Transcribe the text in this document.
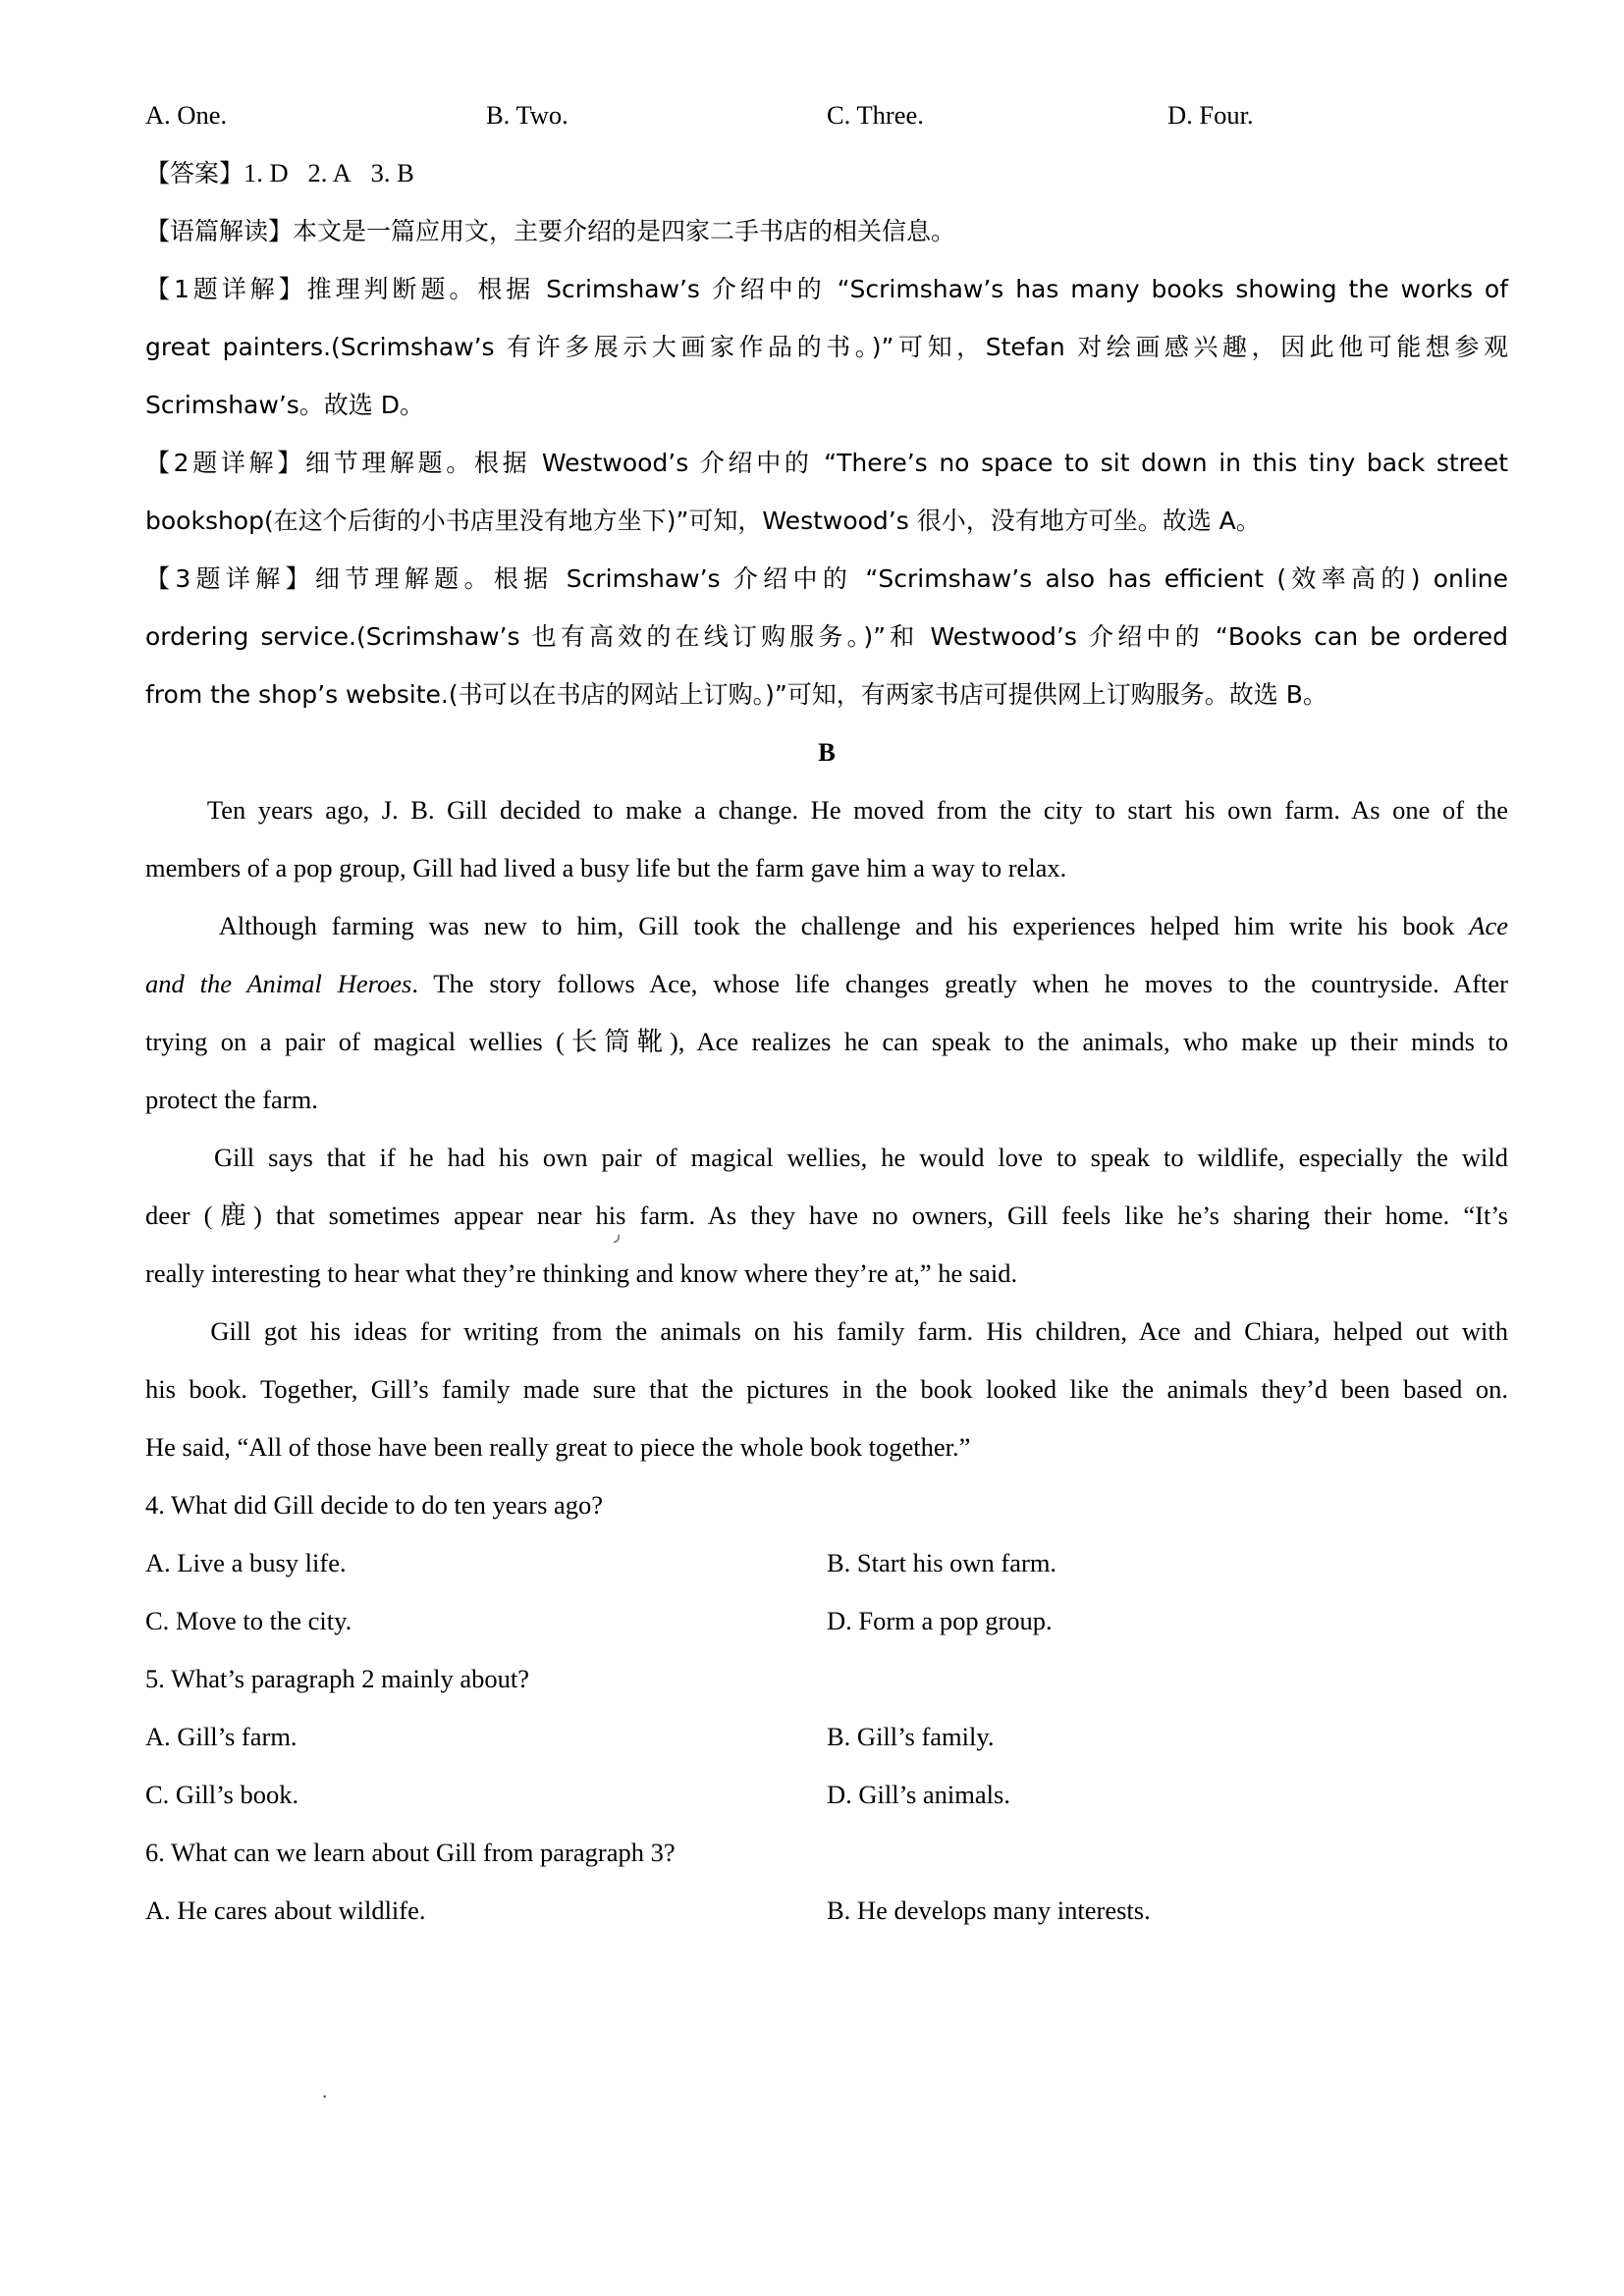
A. One.	B. Two.	C. Three.	D. Four.
【答案】1. D   2. A   3. B
【语篇解读】本文是一篇应用文，主要介绍的是四家二手书店的相关信息。
【1题详解】推理判断题。根据 Scrimshaw’s 介绍中的 “Scrimshaw’s has many books showing the works of
great painters.(Scrimshaw’s 有许多展示大画家作品的书。)”可知，Stefan 对绘画感兴趣，因此他可能想参观
Scrimshaw’s。故选 D。
【2题详解】细节理解题。根据 Westwood’s 介绍中的 “There’s no space to sit down in this tiny back street
bookshop(在这个后街的小书店里没有地方坐下)”可知，Westwood’s 很小，没有地方可坐。故选 A。
【3题详解】细节理解题。根据 Scrimshaw’s 介绍中的 “Scrimshaw’s also has efficient (效率高的) online
ordering service.(Scrimshaw’s 也有高效的在线订购服务。)”和 Westwood’s 介绍中的 “Books can be ordered
from the shop’s website.(书可以在书店的网站上订购。)”可知，有两家书店可提供网上订购服务。故选 B。
B
Ten years ago, J. B. Gill decided to make a change. He moved from the city to start his own farm. As one of the
members of a pop group, Gill had lived a busy life but the farm gave him a way to relax.
Although farming was new to him, Gill took the challenge and his experiences helped him write his book Ace
and the Animal Heroes. The story follows Ace, whose life changes greatly when he moves to the countryside. After
trying on a pair of magical wellies (长筒靴), Ace realizes he can speak to the animals, who make up their minds to
protect the farm.
Gill says that if he had his own pair of magical wellies, he would love to speak to wildlife, especially the wild
deer (鹿) that sometimes appear near his farm. As they have no owners, Gill feels like he’s sharing their home. “It’s
really interesting to hear what they’re thinking and know where they’re at,” he said.
Gill got his ideas for writing from the animals on his family farm. His children, Ace and Chiara, helped out with
his book. Together, Gill’s family made sure that the pictures in the book looked like the animals they’d been based on.
He said, “All of those have been really great to piece the whole book together.”
4. What did Gill decide to do ten years ago?
A. Live a busy life.	B. Start his own farm.
C. Move to the city.	D. Form a pop group.
5. What’s paragraph 2 mainly about?
A. Gill’s farm.	B. Gill’s family.
C. Gill’s book.	D. Gill’s animals.
6. What can we learn about Gill from paragraph 3?
A. He cares about wildlife.	B. He develops many interests.
٫
.
